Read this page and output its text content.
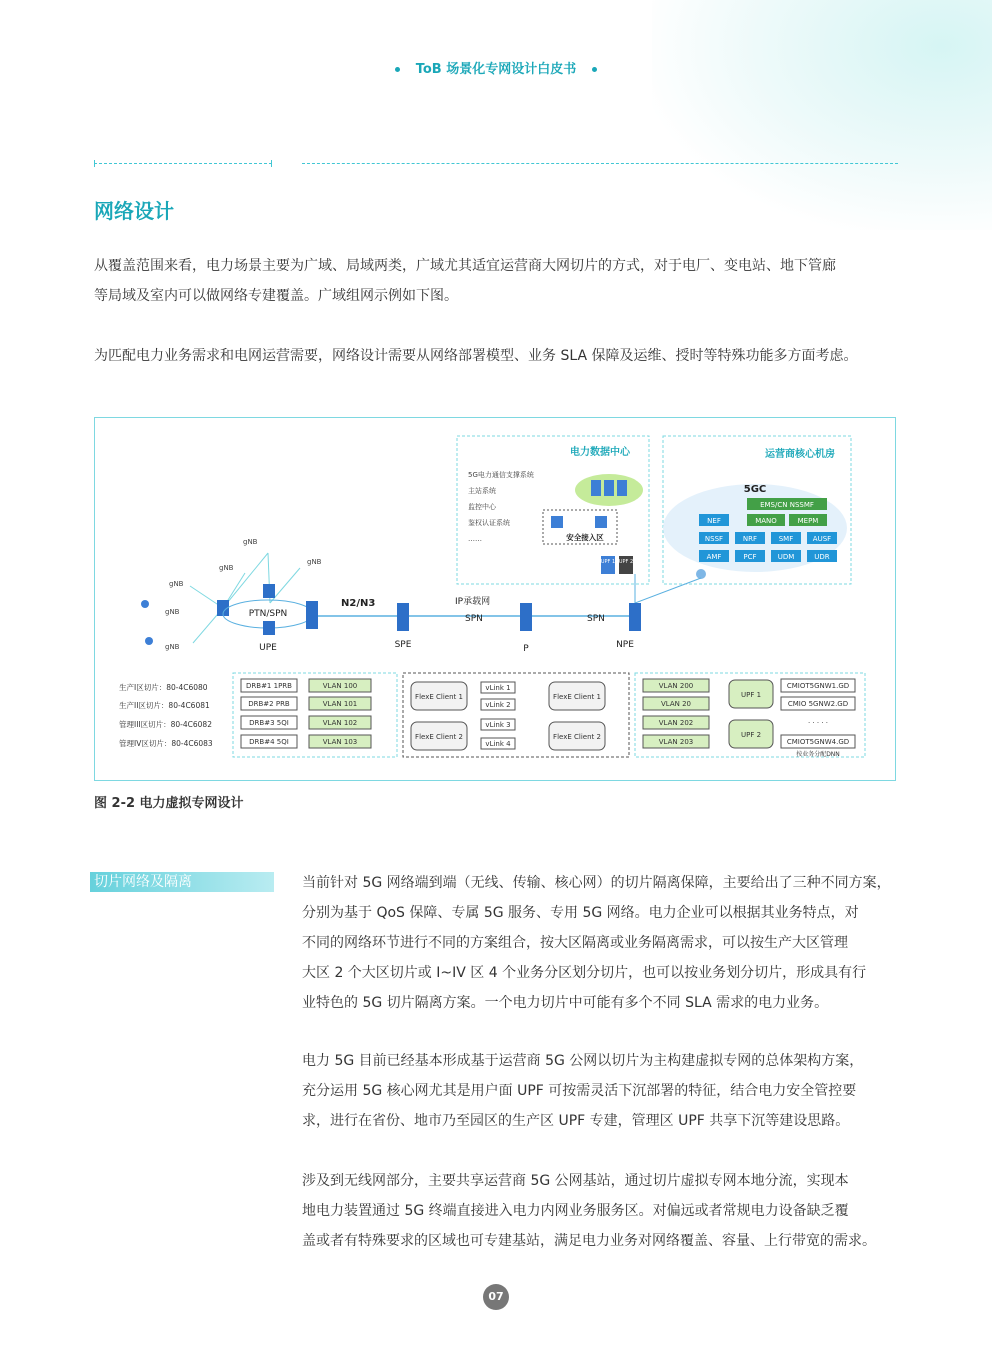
ToB 场景化专网设计白皮书
网络设计
从覆盖范围来看，电力场景主要为广域、局域两类，广域尤其适宜运营商大网切片的方式，对于电厂、变电站、地下管廊
等局域及室内可以做网络专建覆盖。广域组网示例如下图。
为匹配电力业务需求和电网运营需要，网络设计需要从网络部署模型、业务 SLA 保障及运维、授时等特殊功能多方面考虑。
电力数据中心
5G电力通信支撑系统
主站系统
监控中心
鉴权认证系统
……	安全接入区
UPF 1 UPF 2
运营商核心机房
5GC
EMS/CN NSSMF
MANO	MEPM
NEF
NSSF	NRF	SMF	AUSF
AMF	PCF	UDM	UDR
gNB
gNB
gNB
gNB
gNB
gNB
PTN/SPN
UPE
N2/N3	IP承载网
SPN	SPN
SPE	P	NPE
生产I区切片：80-4C6080
生产II区切片：80-4C6081
管理III区切片：80-4C6082
管理IV区切片：80-4C6083
DRB#1 1PRB
DRB#2 PRB
DRB#3 5QI
DRB#4 5QI
VLAN 100
VLAN 101
VLAN 102
VLAN 103
FlexE Client 1
FlexE Client 2
FlexE Client 1
FlexE Client 2
vLink 1
vLink 2
vLink 3
vLink 4
VLAN 200
VLAN 20
VLAN 202
VLAN 203
UPF 1
UPF 2
CMIOT5GNW1.GD
CMIO 5GNW2.GD
· · · · ·
CMIOT5GNW4.GD
按业务分配DNN
图 2-2 电力虚拟专网设计
切片网络及隔离	当前针对 5G 网络端到端（无线、传输、核心网）的切片隔离保障，主要给出了三种不同方案，
分别为基于 QoS 保障、专属 5G 服务、专用 5G 网络。电力企业可以根据其业务特点，对
不同的网络环节进行不同的方案组合，按大区隔离或业务隔离需求，可以按生产大区管理
大区 2 个大区切片或 I~IV 区 4 个业务分区划分切片，也可以按业务划分切片，形成具有行
业特色的 5G 切片隔离方案。一个电力切片中可能有多个不同 SLA 需求的电力业务。
电力 5G 目前已经基本形成基于运营商 5G 公网以切片为主构建虚拟专网的总体架构方案，
充分运用 5G 核心网尤其是用户面 UPF 可按需灵活下沉部署的特征，结合电力安全管控要
求，进行在省份、地市乃至园区的生产区 UPF 专建，管理区 UPF 共享下沉等建设思路。
涉及到无线网部分，主要共享运营商 5G 公网基站，通过切片虚拟专网本地分流，实现本
地电力装置通过 5G 终端直接进入电力内网业务服务区。对偏远或者常规电力设备缺乏覆
盖或者有特殊要求的区域也可专建基站，满足电力业务对网络覆盖、容量、上行带宽的需求。
07
